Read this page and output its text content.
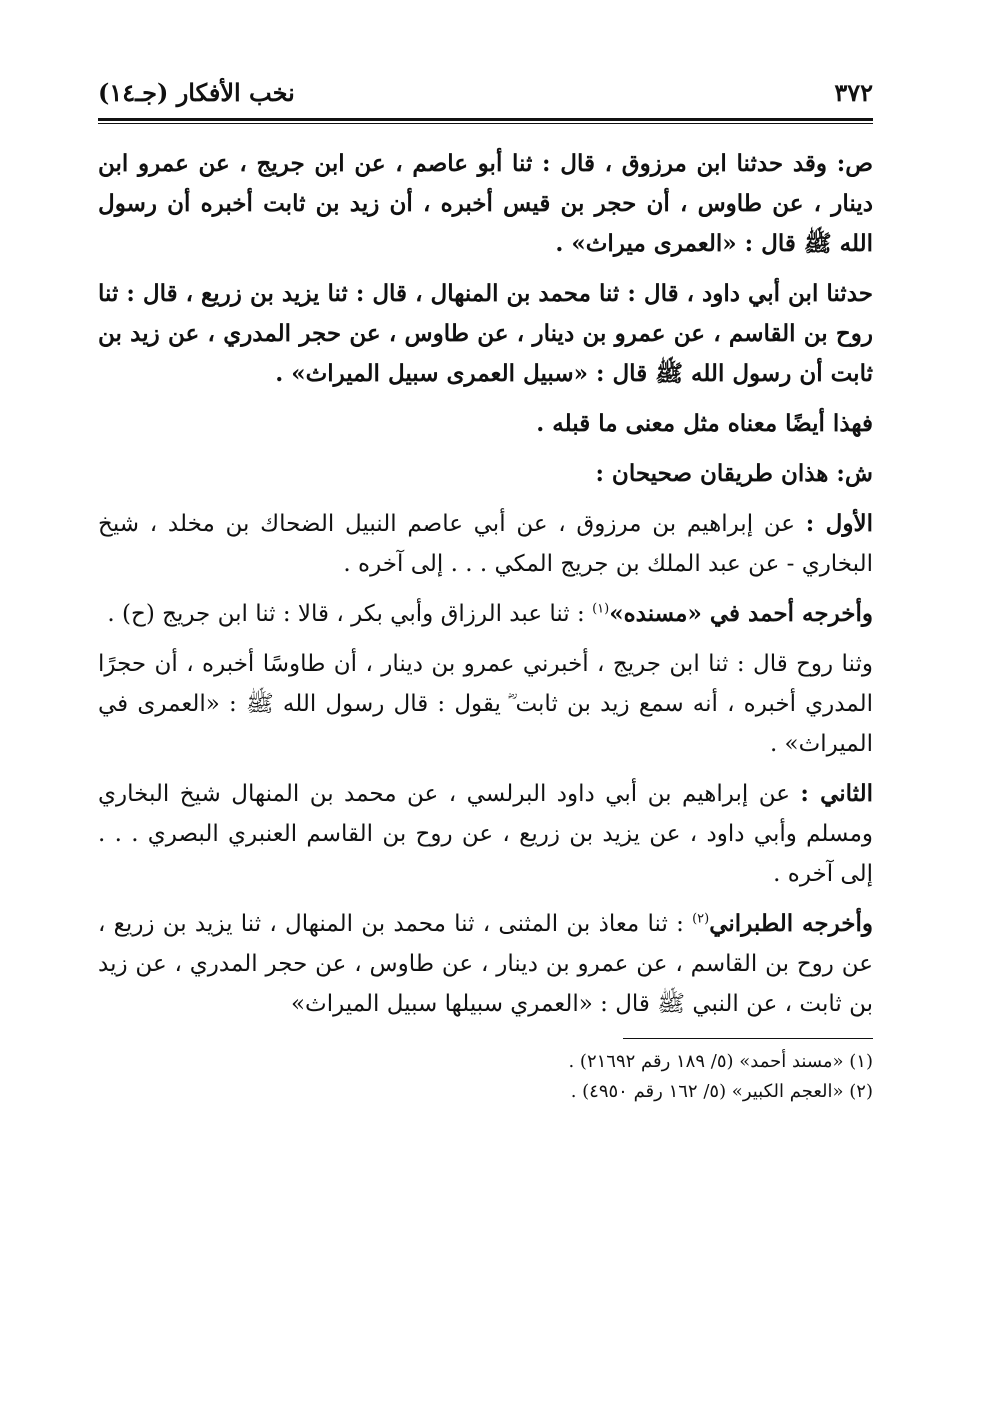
٣٧٢
نخب الأفكار (جـ١٤)

ص: وقد حدثنا ابن مرزوق ، قال : ثنا أبو عاصم ، عن ابن جريج ، عن عمرو ابن دينار ، عن طاوس ، أن حجر بن قيس أخبره ، أن زيد بن ثابت أخبره أن رسول الله ﷺ قال : «العمرى ميراث» .

حدثنا ابن أبي داود ، قال : ثنا محمد بن المنهال ، قال : ثنا يزيد بن زريع ، قال : ثنا روح بن القاسم ، عن عمرو بن دينار ، عن طاوس ، عن حجر المدري ، عن زيد بن ثابت أن رسول الله ﷺ قال : «سبيل العمرى سبيل الميراث» .

فهذا أيضًا معناه مثل معنى ما قبله .

ش: هذان طريقان صحيحان :

الأول : عن إبراهيم بن مرزوق ، عن أبي عاصم النبيل الضحاك بن مخلد ، شيخ البخاري - عن عبد الملك بن جريج المكي . . . إلى آخره .

وأخرجه أحمد في «مسنده»$^{(١)}$ : ثنا عبد الرزاق وأبي بكر ، قالا : ثنا ابن جريج (ح) .

وثنا روح قال : ثنا ابن جريج ، أخبرني عمرو بن دينار ، أن طاوسًا أخبره ، أن حجرًا المدري أخبره ، أنه سمع زيد بن ثابت ؓ يقول : قال رسول الله ﷺ : «العمرى في الميراث» .

الثاني : عن إبراهيم بن أبي داود البرلسي ، عن محمد بن المنهال شيخ البخاري ومسلم وأبي داود ، عن يزيد بن زريع ، عن روح بن القاسم العنبري البصري . . . إلى آخره .

وأخرجه الطبراني$^{(٢)}$ : ثنا معاذ بن المثنى ، ثنا محمد بن المنهال ، ثنا يزيد بن زريع ، عن روح بن القاسم ، عن عمرو بن دينار ، عن طاوس ، عن حجر المدري ، عن زيد بن ثابت ، عن النبي ﷺ قال : «العمري سبيلها سبيل الميراث»

(١) «مسند أحمد» (٥/ ١٨٩ رقم ٢١٦٩٢) .

(٢) «العجم الكبير» (٥/ ١٦٢ رقم ٤٩٥٠) .
